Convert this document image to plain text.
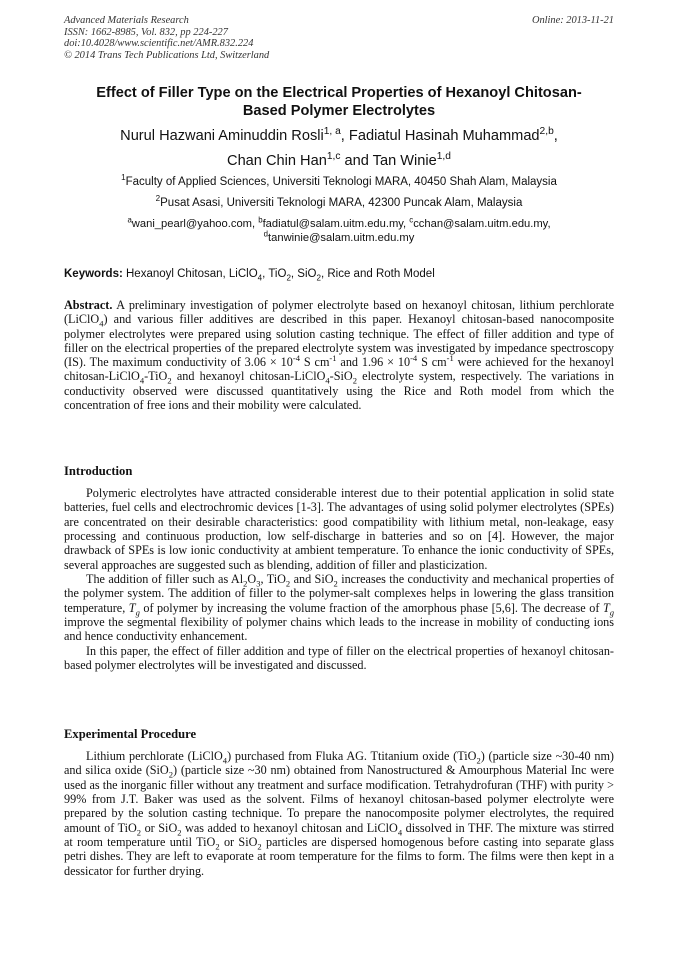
Advanced Materials Research
ISSN: 1662-8985, Vol. 832, pp 224-227
doi:10.4028/www.scientific.net/AMR.832.224
© 2014 Trans Tech Publications Ltd, Switzerland
Online: 2013-11-21
Effect of Filler Type on the Electrical Properties of Hexanoyl Chitosan-
Based Polymer Electrolytes
Nurul Hazwani Aminuddin Rosli$^{1, a}$, Fadiatul Hasinah Muhammad$^{2,b}$,
Chan Chin Han$^{1,c}$ and Tan Winie$^{1,d}$
$^1$Faculty of Applied Sciences, Universiti Teknologi MARA, 40450 Shah Alam, Malaysia
$^2$Pusat Asasi, Universiti Teknologi MARA, 42300 Puncak Alam, Malaysia
$^a$wani_pearl@yahoo.com, $^b$fadiatul@salam.uitm.edu.my, $^c$cchan@salam.uitm.edu.my,
$^d$tanwinie@salam.uitm.edu.my
Keywords: Hexanoyl Chitosan, LiClO$_4$, TiO$_2$, SiO$_2$, Rice and Roth Model
Abstract. A preliminary investigation of polymer electrolyte based on hexanoyl chitosan, lithium perchlorate (LiClO$_4$) and various filler additives are described in this paper. Hexanoyl chitosan-based nanocomposite polymer electrolytes were prepared using solution casting technique. The effect of filler addition and type of filler on the electrical properties of the prepared electrolyte system was investigated by impedance spectroscopy (IS). The maximum conductivity of $3.06 \times 10^{-4}$ S $cm^{-1}$ and $1.96 \times 10^{-4}$ S $cm^{-1}$ were achieved for the hexanoyl chitosan-LiClO$_4$-TiO$_2$ and hexanoyl chitosan-LiClO$_4$-SiO$_2$ electrolyte system, respectively. The variations in conductivity observed were discussed quantitatively using the Rice and Roth model from which the concentration of free ions and their mobility were calculated.
Introduction

Polymeric electrolytes have attracted considerable interest due to their potential application in solid state batteries, fuel cells and electrochromic devices [1-3]. The advantages of using solid polymer electrolytes (SPEs) are concentrated on their desirable characteristics: good compatibility with lithium metal, non-leakage, easy processing and continuous production, low self-discharge in batteries and so on [4]. However, the major drawback of SPEs is low ionic conductivity at ambient temperature. To enhance the ionic conductivity of SPEs, several approaches are suggested such as blending, addition of filler and plasticization.

The addition of filler such as $Al_2O_3$, TiO$_2$ and SiO$_2$ increases the conductivity and mechanical properties of the polymer system. The addition of filler to the polymer-salt complexes helps in lowering the glass transition temperature, $T_g$ of polymer by increasing the volume fraction of the amorphous phase [5,6]. The decrease of $T_g$ improve the segmental flexibility of polymer chains which leads to the increase in mobility of conducting ions and hence conductivity enhancement.

In this paper, the effect of filler addition and type of filler on the electrical properties of hexanoyl chitosan-based polymer electrolytes will be investigated and discussed.

Experimental Procedure

Lithium perchlorate (LiClO$_4$) purchased from Fluka AG. Ttitanium oxide (TiO$_2$) (particle size ~30-40 nm) and silica oxide (SiO$_2$) (particle size ~30 nm) obtained from Nanostructured & Amourphous Material Inc were used as the inorganic filler without any treatment and surface modification. Tetrahydrofuran (THF) with purity > 99% from J.T. Baker was used as the solvent. Films of hexanoyl chitosan-based polymer electrolyte were prepared by the solution casting technique. To prepare the nanocomposite polymer electrolytes, the required amount of TiO$_2$ or SiO$_2$ was added to hexanoyl chitosan and LiClO$_4$ dissolved in THF. The mixture was stirred at room temperature until TiO$_2$ or SiO$_2$ particles are dispersed homogenous before casting into separate glass petri dishes. They are left to evaporate at room temperature for the films to form. The films were then kept in a dessicator for further drying.
